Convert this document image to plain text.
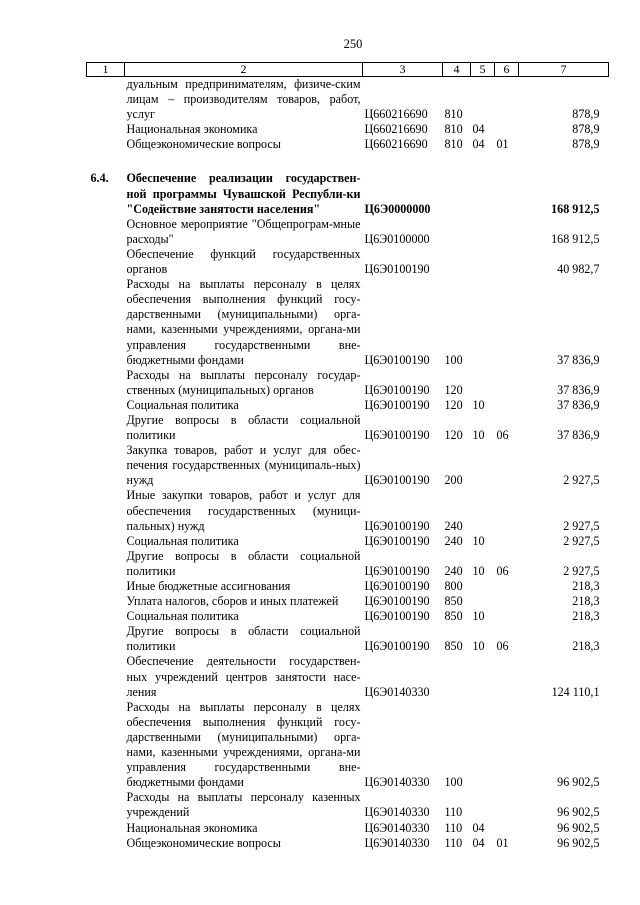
250
1	2	3	4	5	6	7
	дуальным предпринимателям, физиче-ским лицам – производителям товаров, работ, услуг	Ц660216690	810			878,9
	Национальная экономика	Ц660216690	810	04		878,9
	Общеэкономические вопросы	Ц660216690	810	04	01	878,9

6.4.	Обеспечение реализации государствен-ной программы Чувашской Республи-ки "Содействие занятости населения"	Ц6Э0000000				168 912,5
	Основное мероприятие "Общепрограм-мные расходы"	Ц6Э0100000				168 912,5
	Обеспечение функций государственных органов	Ц6Э0100190				40 982,7
	Расходы на выплаты персоналу в целях обеспечения выполнения функций госу-дарственными (муниципальными) орга-нами, казенными учреждениями, органа-ми управления государственными вне-бюджетными фондами	Ц6Э0100190	100			37 836,9
	Расходы на выплаты персоналу государ-ственных (муниципальных) органов	Ц6Э0100190	120			37 836,9
	Социальная политика	Ц6Э0100190	120	10		37 836,9
	Другие вопросы в области социальной политики	Ц6Э0100190	120	10	06	37 836,9
	Закупка товаров, работ и услуг для обес-печения государственных (муниципаль-ных) нужд	Ц6Э0100190	200			2 927,5
	Иные закупки товаров, работ и услуг для обеспечения государственных (муници-пальных) нужд	Ц6Э0100190	240			2 927,5
	Социальная политика	Ц6Э0100190	240	10		2 927,5
	Другие вопросы в области социальной политики	Ц6Э0100190	240	10	06	2 927,5
	Иные бюджетные ассигнования	Ц6Э0100190	800			218,3
	Уплата налогов, сборов и иных платежей	Ц6Э0100190	850			218,3
	Социальная политика	Ц6Э0100190	850	10		218,3
	Другие вопросы в области социальной политики	Ц6Э0100190	850	10	06	218,3
	Обеспечение деятельности государствен-ных учреждений центров занятости насе-ления	Ц6Э0140330				124 110,1
	Расходы на выплаты персоналу в целях обеспечения выполнения функций госу-дарственными (муниципальными) орга-нами, казенными учреждениями, органа-ми управления государственными вне-бюджетными фондами	Ц6Э0140330	100			96 902,5
	Расходы на выплаты персоналу казенных учреждений	Ц6Э0140330	110			96 902,5
	Национальная экономика	Ц6Э0140330	110	04		96 902,5
	Общеэкономические вопросы	Ц6Э0140330	110	04	01	96 902,5
